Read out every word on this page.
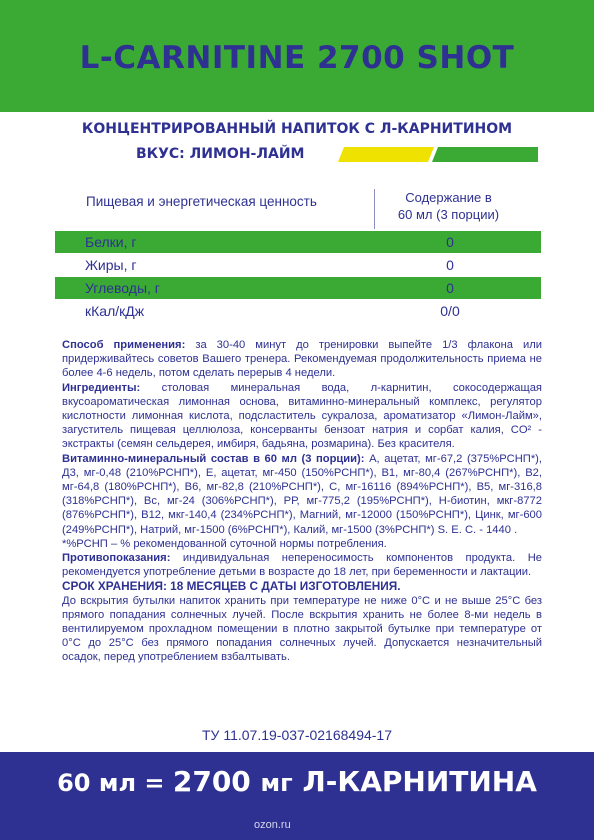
L-CARNITINE 2700 SHOT
КОНЦЕНТРИРОВАННЫЙ НАПИТОК С Л-КАРНИТИНОМ
ВКУС: ЛИМОН-ЛАЙМ
Пищевая и энергетическая ценность	Содержание в
60 мл (3 порции)
Белки, г	0
Жиры, г	0
Углеводы, г	0
кКал/кДж	0/0

Способ применения: за 30-40 минут до тренировки выпейте 1/3 флакона или придерживайтесь советов Вашего тренера. Рекомендуемая продолжительность приема не более 4-6 недель, потом сделать перерыв 4 недели.

Ингредиенты: столовая минеральная вода, л-карнитин, сокосодержащая вкусоароматическая лимонная основа, витаминно-минеральный комплекс, регулятор кислотности лимонная кислота, подсластитель сукралоза, ароматизатор «Лимон-Лайм», загуститель пищевая целлюлоза, консерванты бензоат натрия и сорбат калия, CO² - экстракты (семян сельдерея, имбиря, бадьяна, розмарина). Без красителя.

Витаминно-минеральный состав в 60 мл (3 порции): А, ацетат, мг-67,2 (375%РСНП*), Д3, мг-0,48 (210%РСНП*), Е, ацетат, мг-450 (150%РСНП*), В1, мг-80,4 (267%РСНП*), В2, мг-64,8 (180%РСНП*), В6, мг-82,8 (210%РСНП*), С, мг-16116 (894%РСНП*), В5, мг-316,8 (318%РСНП*), Вс, мг-24 (306%РСНП*), РР, мг-775,2 (195%РСНП*), Н-биотин, мкг-8772 (876%РСНП*), В12, мкг-140,4 (234%РСНП*), Магний, мг-12000 (150%РСНП*), Цинк, мг-600 (249%РСНП*), Натрий, мг-1500 (6%РСНП*), Калий, мг-1500 (3%РСНП*) S. E. C. - 1440 .

*%РСНП – % рекомендованной суточной нормы потребления.

Противопоказания: индивидуальная непереносимость компонентов продукта. Не рекомендуется употребление детьми в возрасте до 18 лет, при беременности и лактации.

СРОК ХРАНЕНИЯ: 18 МЕСЯЦЕВ С ДАТЫ ИЗГОТОВЛЕНИЯ.

До вскрытия бутылки напиток хранить при температуре не ниже 0°С и не выше 25°С без прямого попадания солнечных лучей. После вскрытия хранить не более 8-ми недель в вентилируемом прохладном помещении в плотно закрытой бутылке при температуре от 0°С до 25°С без прямого попадания солнечных лучей. Допускается незначительный осадок, перед употреблением взбалтывать.

ТУ 11.07.19-037-02168494-17
60 мл = 2700 мг Л-КАРНИТИНА
ozon.ru
